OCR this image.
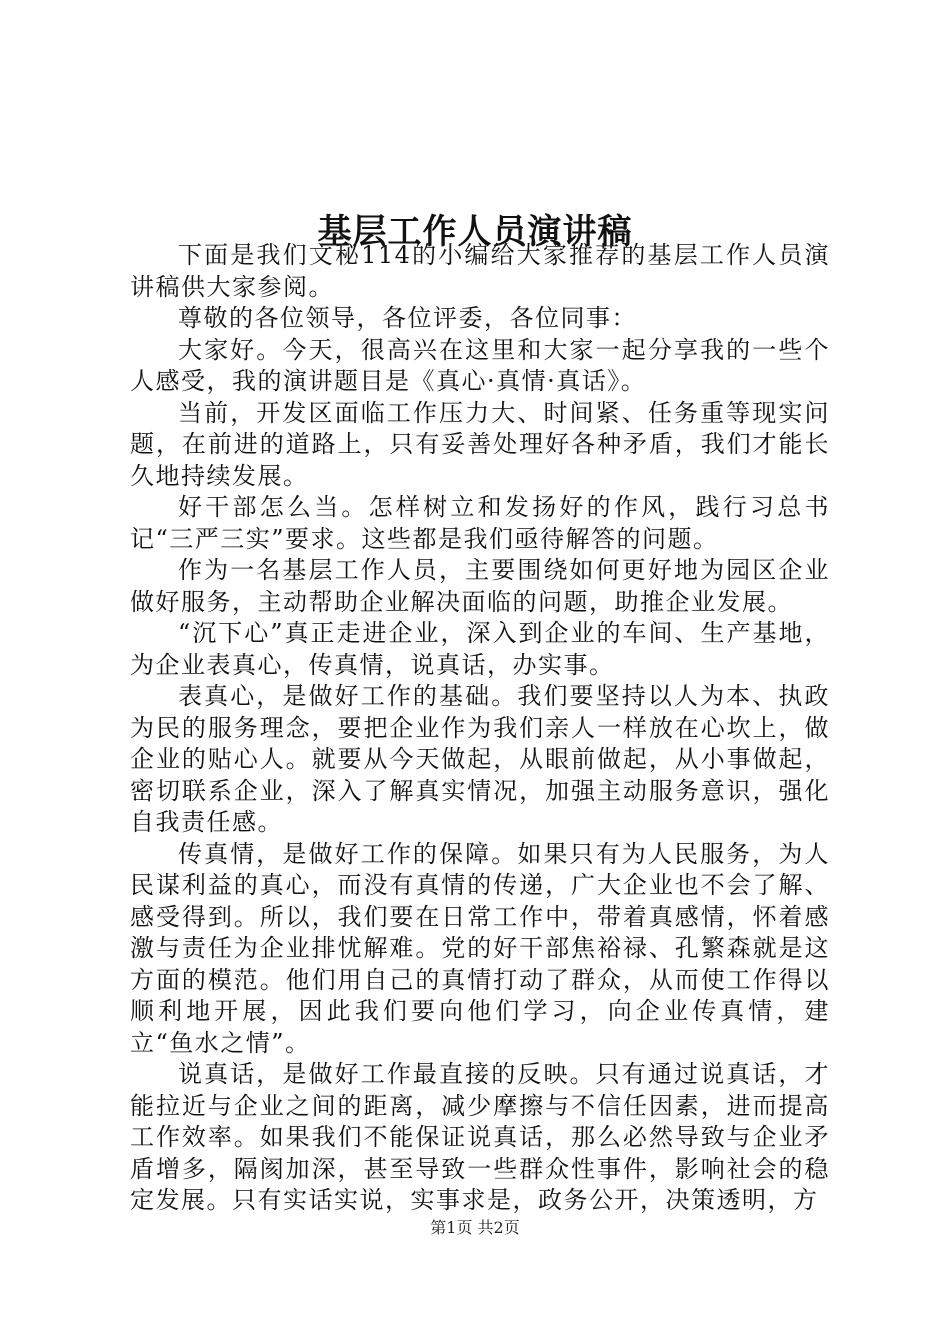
基层工作人员演讲稿

下面是我们文秘114的小编给大家推荐的基层工作人员演讲稿供大家参阅。

尊敬的各位领导，各位评委，各位同事：

大家好。今天，很高兴在这里和大家一起分享我的一些个人感受，我的演讲题目是《真心·真情·真话》。

当前，开发区面临工作压力大、时间紧、任务重等现实问题，在前进的道路上，只有妥善处理好各种矛盾，我们才能长久地持续发展。

好干部怎么当。怎样树立和发扬好的作风，践行习总书记“三严三实”要求。这些都是我们亟待解答的问题。

作为一名基层工作人员，主要围绕如何更好地为园区企业做好服务，主动帮助企业解决面临的问题，助推企业发展。

“沉下心”真正走进企业，深入到企业的车间、生产基地，为企业表真心，传真情，说真话，办实事。

表真心，是做好工作的基础。我们要坚持以人为本、执政为民的服务理念，要把企业作为我们亲人一样放在心坎上，做企业的贴心人。就要从今天做起，从眼前做起，从小事做起，密切联系企业，深入了解真实情况，加强主动服务意识，强化自我责任感。

传真情，是做好工作的保障。如果只有为人民服务，为人民谋利益的真心，而没有真情的传递，广大企业也不会了解、感受得到。所以，我们要在日常工作中，带着真感情，怀着感激与责任为企业排忧解难。党的好干部焦裕禄、孔繁森就是这方面的模范。他们用自己的真情打动了群众，从而使工作得以顺利地开展，因此我们要向他们学习，向企业传真情，建立“鱼水之情”。

说真话，是做好工作最直接的反映。只有通过说真话，才能拉近与企业之间的距离，减少摩擦与不信任因素，进而提高工作效率。如果我们不能保证说真话，那么必然导致与企业矛盾增多，隔阂加深，甚至导致一些群众性事件，影响社会的稳定发展。只有实话实说，实事求是，政务公开，决策透明，方

第1页 共2页
